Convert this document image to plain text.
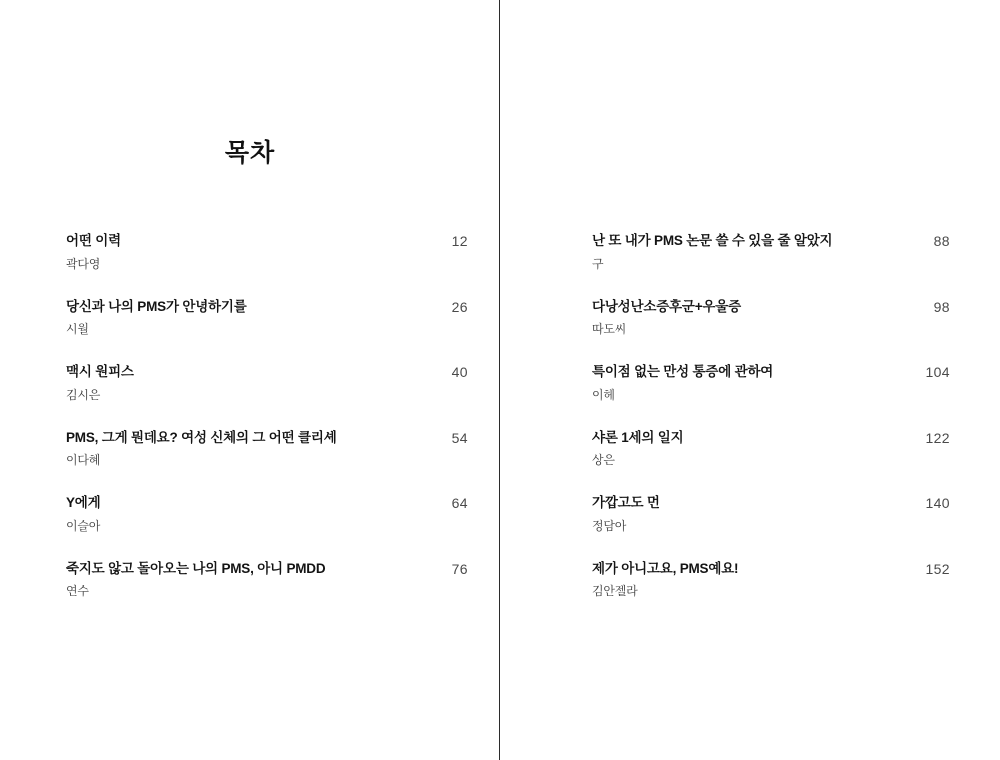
목차
어떤 이력
곽다영
12
당신과 나의 PMS가 안녕하기를
시월
26
맥시 원피스
김시은
40
PMS, 그게 뭔데요? 여성 신체의 그 어떤 클리셰
이다혜
54
Y에게
이슬아
64
죽지도 않고 돌아오는 나의 PMS, 아니 PMDD
연수
76
난 또 내가 PMS 논문 쓸 수 있을 줄 알았지
구
88
다낭성난소증후군+우울증
따도씨
98
특이점 없는 만성 통증에 관하여
이헤
104
샤론 1세의 일지
상은
122
가깝고도 먼
정담아
140
제가 아니고요, PMS예요!
김안젤라
152
